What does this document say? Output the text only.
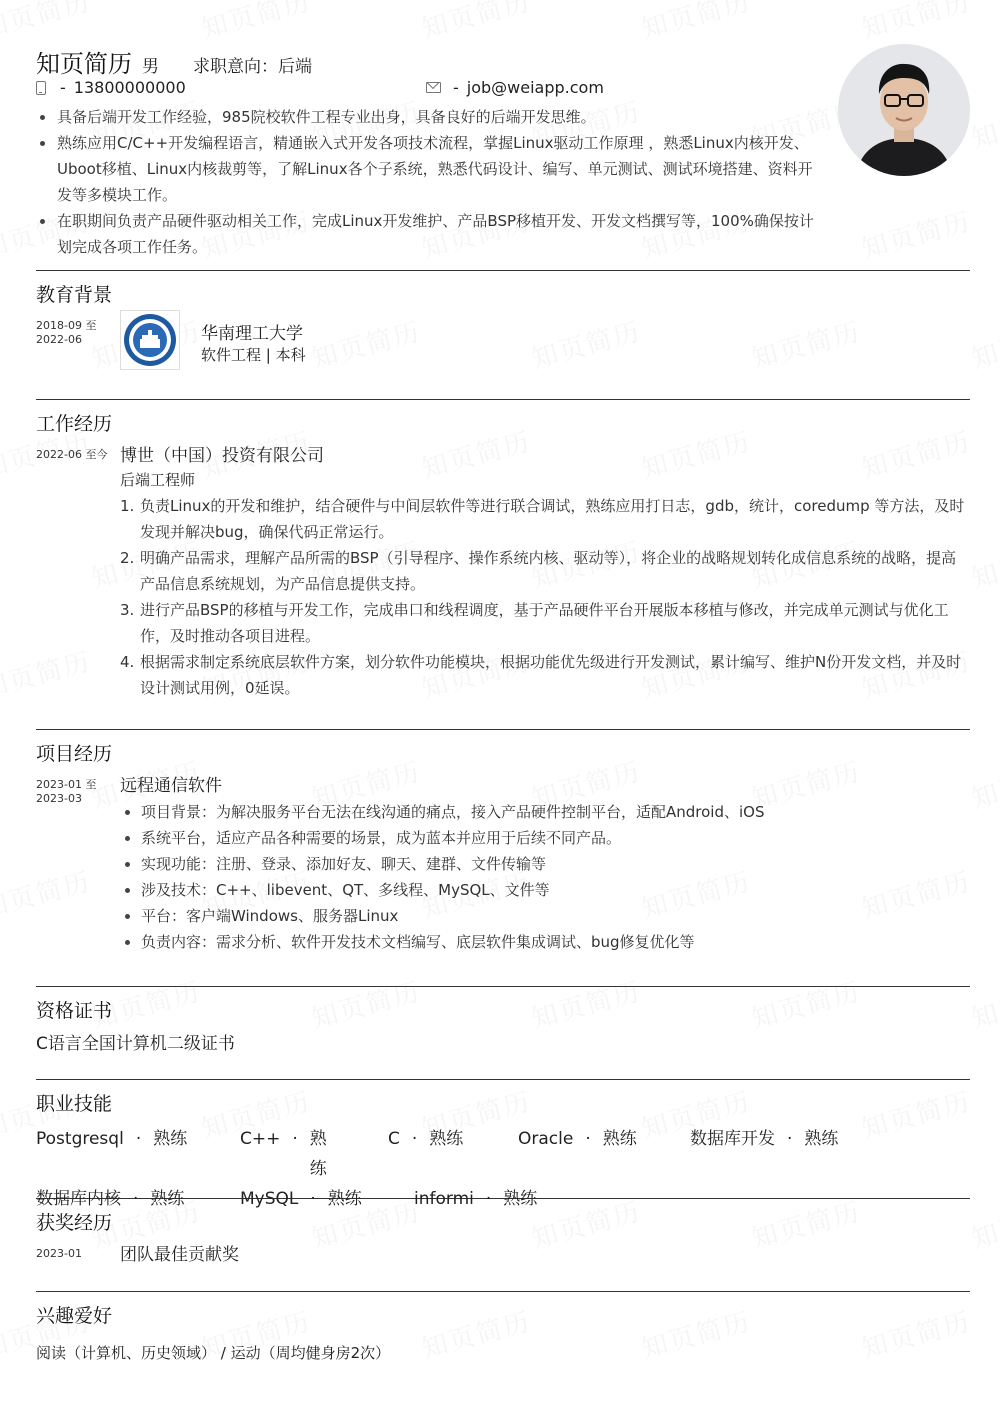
知页简历 男 求职意向：后端
- 13800000000	- job@weiapp.com
具备后端开发工作经验，985院校软件工程专业出身，具备良好的后端开发思维。
熟练应用C/C++开发编程语言，精通嵌入式开发各项技术流程，掌握Linux驱动工作原理 ，熟悉Linux内核开发、Uboot移植、Linux内核裁剪等，了解Linux各个子系统，熟悉代码设计、编写、单元测试、测试环境搭建、资料开发等多模块工作。
在职期间负责产品硬件驱动相关工作，完成Linux开发维护、产品BSP移植开发、开发文档撰写等，100%确保按计划完成各项工作任务。
教育背景
2018-09 至
2022-06	华南理工大学
软件工程 | 本科
工作经历
2022-06 至今 博世（中国）投资有限公司
后端工程师
1. 负责Linux的开发和维护，结合硬件与中间层软件等进行联合调试，熟练应用打日志，gdb，统计，coredump 等方法，及时发现并解决bug，确保代码正常运行。
2. 明确产品需求，理解产品所需的BSP（引导程序、操作系统内核、驱动等），将企业的战略规划转化成信息系统的战略，提高产品信息系统规划，为产品信息提供支持。
3. 进行产品BSP的移植与开发工作，完成串口和线程调度，基于产品硬件平台开展版本移植与修改，并完成单元测试与优化工作，及时推动各项目进程。
4. 根据需求制定系统底层软件方案，划分软件功能模块，根据功能优先级进行开发测试，累计编写、维护N份开发文档，并及时设计测试用例，0延误。
项目经历
2023-01 至
2023-03
远程通信软件
项目背景：为解决服务平台无法在线沟通的痛点，接入产品硬件控制平台，适配Android、iOS
系统平台，适应产品各种需要的场景，成为蓝本并应用于后续不同产品。
实现功能：注册、登录、添加好友、聊天、建群、文件传输等
涉及技术：C++、libevent、QT、多线程、MySQL、文件等
平台：客户端Windows、服务器Linux
负责内容：需求分析、软件开发技术文档编写、底层软件集成调试、bug修复优化等
资格证书
C语言全国计算机二级证书
职业技能
Postgresql · 熟练	C++ · 熟练
C · 熟练	Oracle · 熟练	数据库开发 · 熟练
数据库内核 · 熟练	MySQL · 熟练	informi · 熟练
获奖经历
2023-01	团队最佳贡献奖
兴趣爱好
阅读（计算机、历史领域） / 运动（周均健身房2次）
